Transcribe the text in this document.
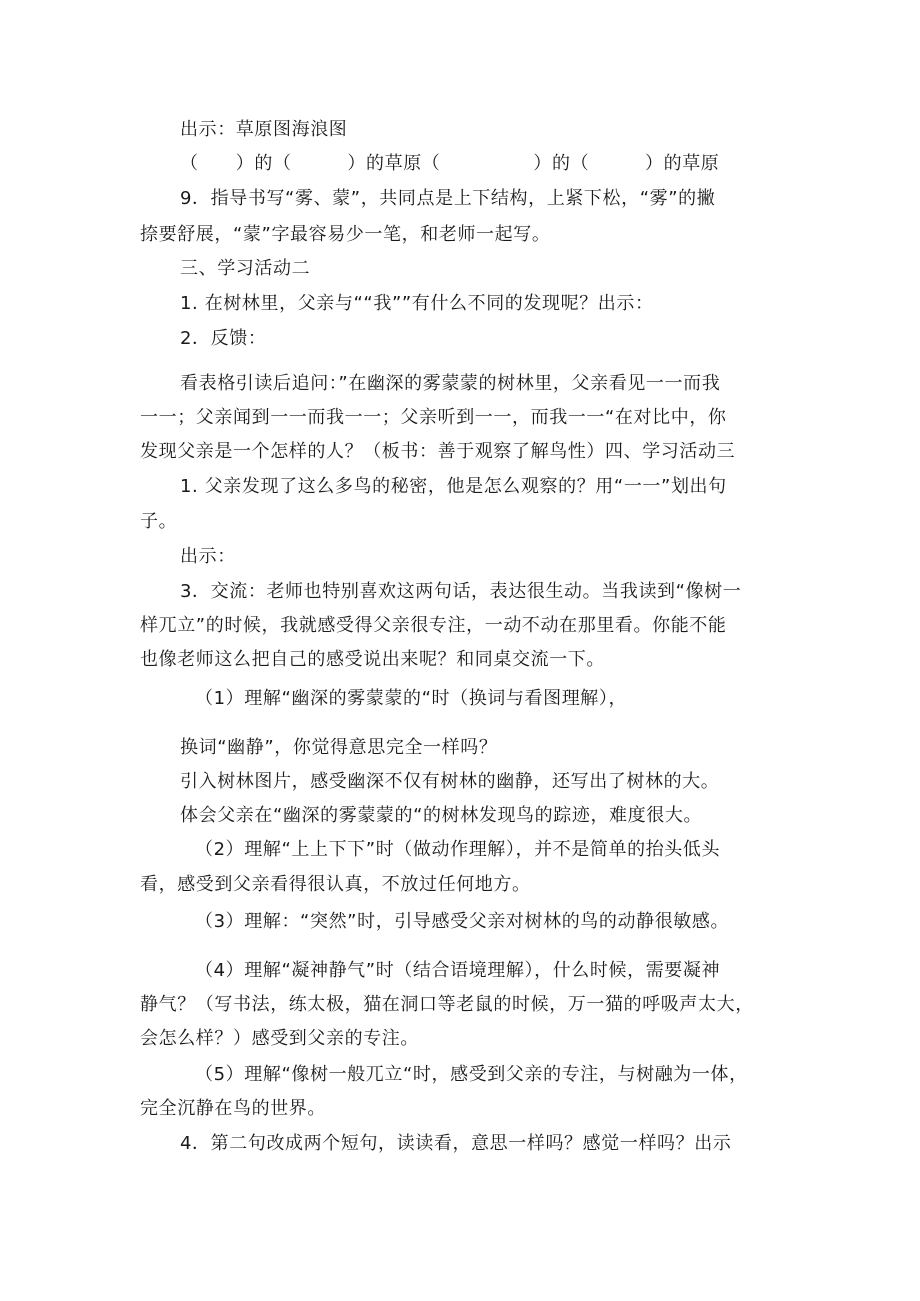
出示：草原图海浪图
（　　）的（　　　）的草原（　　　　　）的（　　　）的草原
9．指导书写“雾、蒙”，共同点是上下结构，上紧下松，“雾”的撇
捺要舒展，“蒙”字最容易少一笔，和老师一起写。
三、学习活动二
1. 在树林里，父亲与““我””有什么不同的发现呢？出示：
2．反馈：
看表格引读后追问：”在幽深的雾蒙蒙的树林里，父亲看见一一而我
一一；父亲闻到一一而我一一；父亲听到一一，而我一一“在对比中，你
发现父亲是一个怎样的人？（板书：善于观察了解鸟性）四、学习活动三
1. 父亲发现了这么多鸟的秘密，他是怎么观察的？用“一一”划出句
子。
出示：
3．交流：老师也特别喜欢这两句话，表达很生动。当我读到“像树一
样兀立”的时候，我就感受得父亲很专注，一动不动在那里看。你能不能
也像老师这么把自己的感受说出来呢？和同桌交流一下。
（1）理解“幽深的雾蒙蒙的“时（换词与看图理解），
换词“幽静”，你觉得意思完全一样吗？
引入树林图片，感受幽深不仅有树林的幽静，还写出了树林的大。
体会父亲在“幽深的雾蒙蒙的“的树林发现鸟的踪迹，难度很大。
（2）理解“上上下下”时（做动作理解），并不是简单的抬头低头
看，感受到父亲看得很认真，不放过任何地方。
（3）理解：“突然”时，引导感受父亲对树林的鸟的动静很敏感。
（4）理解“凝神静气”时（结合语境理解），什么时候，需要凝神
静气？（写书法，练太极，猫在洞口等老鼠的时候，万一猫的呼吸声太大，
会怎么样？）感受到父亲的专注。
（5）理解“像树一般兀立“时，感受到父亲的专注，与树融为一体，
完全沉静在鸟的世界。
4．第二句改成两个短句，读读看，意思一样吗？感觉一样吗？出示
